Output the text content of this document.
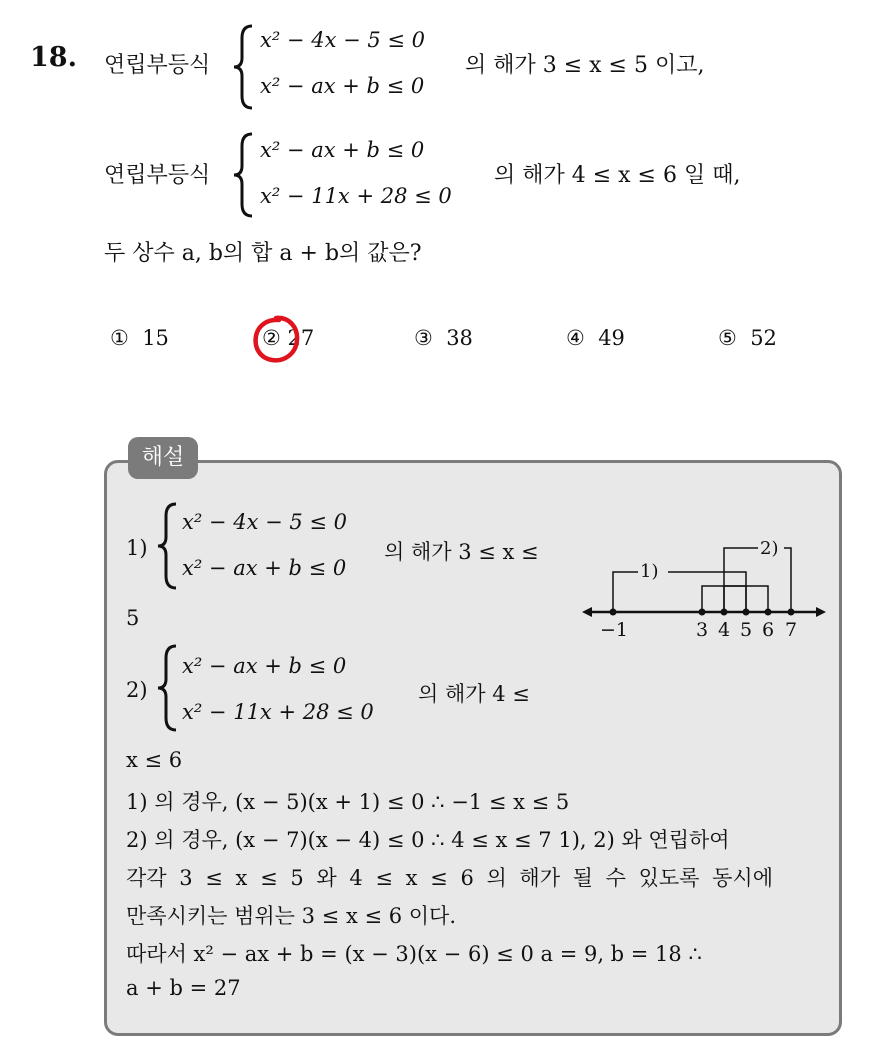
18. 연립부등식
x² − 4x − 5 ≤ 0
x² − ax + b ≤ 0
의 해가 3 ≤ x ≤ 5 이고,
연립부등식
x² − ax + b ≤ 0
x² − 11x + 28 ≤ 0
의 해가 4 ≤ x ≤ 6 일 때,
두 상수 a, b의 합 a + b의 값은?
① 15	② 27	③ 38	④ 49	⑤ 52
해설
1)
x² − 4x − 5 ≤ 0
x² − ax + b ≤ 0
의 해가 3 ≤ x ≤
5
1)
2)
−1	3 4 5 6 7
2)
x² − ax + b ≤ 0
x² − 11x + 28 ≤ 0
의 해가 4 ≤
x ≤ 6
1) 의 경우, (x − 5)(x + 1) ≤ 0 ∴ −1 ≤ x ≤ 5
2) 의 경우, (x − 7)(x − 4) ≤ 0 ∴ 4 ≤ x ≤ 7 1), 2) 와 연립하여
각각 3 ≤ x ≤ 5 와 4 ≤ x ≤ 6 의 해가 될 수 있도록 동시에
만족시키는 범위는 3 ≤ x ≤ 6 이다.
따라서 x² − ax + b = (x − 3)(x − 6) ≤ 0 a = 9, b = 18 ∴
a + b = 27
